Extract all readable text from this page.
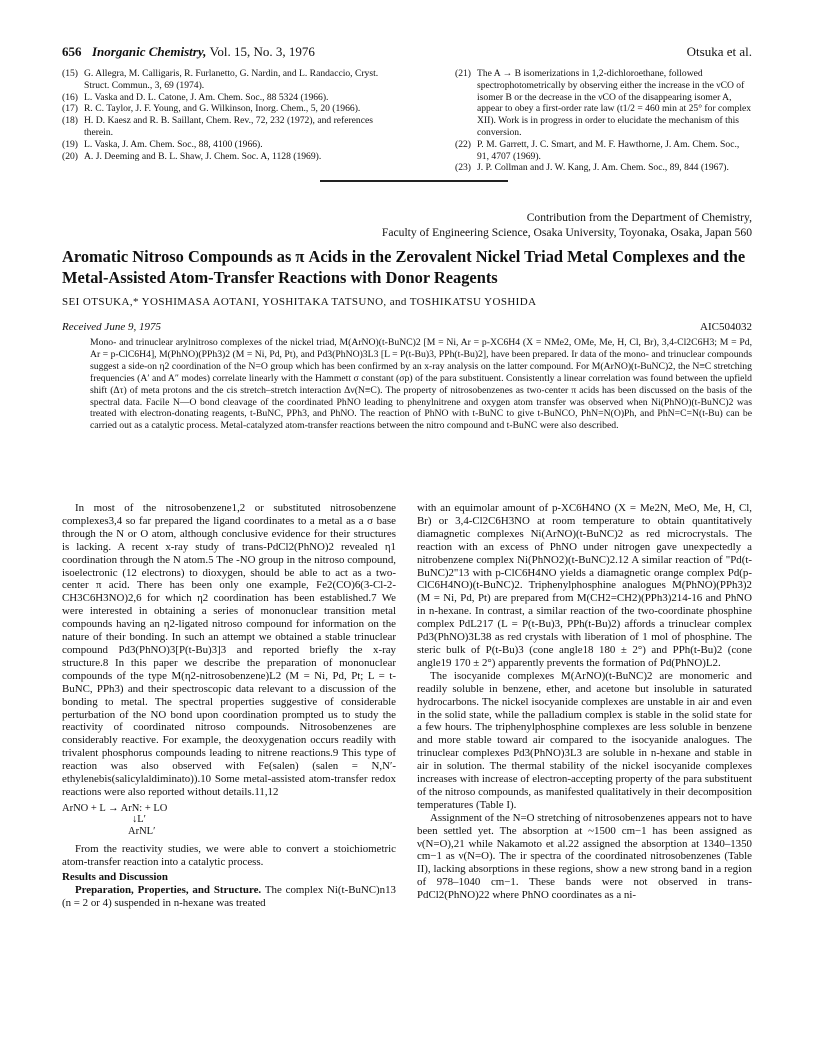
656 Inorganic Chemistry, Vol. 15, No. 3, 1976	Otsuka et al.
(15) G. Allegra, M. Calligaris, R. Furlanetto, G. Nardin, and L. Randaccio, Cryst. Struct. Commun., 3, 69 (1974).
(16) L. Vaska and D. L. Catone, J. Am. Chem. Soc., 88 5324 (1966).
(17) R. C. Taylor, J. F. Young, and G. Wilkinson, Inorg. Chem., 5, 20 (1966).
(18) H. D. Kaesz and R. B. Saillant, Chem. Rev., 72, 232 (1972), and references therein.
(19) L. Vaska, J. Am. Chem. Soc., 88, 4100 (1966).
(20) A. J. Deeming and B. L. Shaw, J. Chem. Soc. A, 1128 (1969).
(21) The A → B isomerizations in 1,2-dichloroethane, followed spectrophotometrically by observing either the increase in the νCO of isomer B or the decrease in the νCO of the disappearing isomer A, appear to obey a first-order rate law (t1/2 = 460 min at 25° for complex XII). Work is in progress in order to elucidate the mechanism of this conversion.
(22) P. M. Garrett, J. C. Smart, and M. F. Hawthorne, J. Am. Chem. Soc., 91, 4707 (1969).
(23) J. P. Collman and J. W. Kang, J. Am. Chem. Soc., 89, 844 (1967).
Contribution from the Department of Chemistry,
Faculty of Engineering Science, Osaka University, Toyonaka, Osaka, Japan 560
Aromatic Nitroso Compounds as π Acids in the Zerovalent Nickel Triad Metal Complexes and the Metal-Assisted Atom-Transfer Reactions with Donor Reagents
SEI OTSUKA,* YOSHIMASA AOTANI, YOSHITAKA TATSUNO, and TOSHIKATSU YOSHIDA
Received June 9, 1975	AIC504032
Mono- and trinuclear arylnitroso complexes of the nickel triad, M(ArNO)(t-BuNC)2 [M = Ni, Ar = p-XC6H4 (X = NMe2, OMe, Me, H, Cl, Br), 3,4-Cl2C6H3; M = Pd, Ar = p-ClC6H4], M(PhNO)(PPh3)2 (M = Ni, Pd, Pt), and Pd3(PhNO)3L3 [L = P(t-Bu)3, PPh(t-Bu)2], have been prepared. Ir data of the mono- and trinuclear compounds suggest a side-on η2 coordination of the N=O group which has been confirmed by an x-ray analysis on the latter compound. For M(ArNO)(t-BuNC)2, the N≡C stretching frequencies (A′ and A″ modes) correlate linearly with the Hammett σ constant (σp) of the para substituent. Consistently a linear correlation was found between the upfield shift (Δτ) of meta protons and the cis stretch–stretch interaction Δν(N≡C). The property of nitrosobenzenes as two-center π acids has been discussed on the basis of the spectral data. Facile N—O bond cleavage of the coordinated PhNO leading to phenylnitrene and oxygen atom transfer was observed when Ni(PhNO)(t-BuNC)2 was treated with electron-donating reagents, t-BuNC, PPh3, and PhNO. The reaction of PhNO with t-BuNC to give t-BuNCO, PhN=N(O)Ph, and PhN=C=N(t-Bu) can be carried out as a catalytic process. Metal-catalyzed atom-transfer reactions between the nitro compound and t-BuNC were also described.

In most of the nitrosobenzene1,2 or substituted nitrosobenzene complexes3,4 so far prepared the ligand coordinates to a metal as a σ base through the N or O atom, although conclusive evidence for their structures is lacking. A recent x-ray study of trans-PdCl2(PhNO)2 revealed η1 coordination through the N atom.5 The -NO group in the nitroso compound, isoelectronic (12 electrons) to dioxygen, should be able to act as a two-center π acid. There has been only one example, Fe2(CO)6(3-Cl-2-CH3C6H3NO)2,6 for which η2 coordination has been established.7 We were interested in obtaining a series of mononuclear transition metal compounds having an η2-ligated nitroso compound for information on the nature of their bonding. In such an attempt we obtained a stable trinuclear compound Pd3(PhNO)3[P(t-Bu)3]3 and reported briefly the x-ray structure.8 In this paper we describe the preparation of mononuclear compounds of the type M(η2-nitrosobenzene)L2 (M = Ni, Pd, Pt; L = t-BuNC, PPh3) and their spectroscopic data relevant to a discussion of the bonding to metal. The spectral properties suggestive of considerable perturbation of the NO bond upon coordination prompted us to study the reactivity of coordinated nitroso compounds. Nitrosobenzenes are considerably reactive. For example, the deoxygenation occurs readily with trivalent phosphorus compounds leading to nitrene reactions.9 This type of reaction was also observed with Fe(salen) (salen = N,N′-ethylenebis(salicylaldiminato)).10 Some metal-assisted atom-transfer redox reactions were also reported without details.11,12

ArNO + L → ArN: + LO
↓L′
ArNL′

From the reactivity studies, we were able to convert a stoichiometric atom-transfer reaction into a catalytic process.

Results and Discussion

Preparation, Properties, and Structure. The complex Ni(t-BuNC)n13 (n = 2 or 4) suspended in n-hexane was treated

with an equimolar amount of p-XC6H4NO (X = Me2N, MeO, Me, H, Cl, Br) or 3,4-Cl2C6H3NO at room temperature to obtain quantitatively diamagnetic complexes Ni(ArNO)(t-BuNC)2 as red microcrystals. The reaction with an excess of PhNO under nitrogen gave unexpectedly a nitrobenzene complex Ni(PhNO2)(t-BuNC)2.12 A similar reaction of "Pd(t-BuNC)2"13 with p-ClC6H4NO yields a diamagnetic orange complex Pd(p-ClC6H4NO)(t-BuNC)2. Triphenylphosphine analogues M(PhNO)(PPh3)2 (M = Ni, Pd, Pt) are prepared from M(CH2=CH2)(PPh3)214-16 and PhNO in n-hexane. In contrast, a similar reaction of the two-coordinate phosphine complex PdL217 (L = P(t-Bu)3, PPh(t-Bu)2) affords a trinuclear complex Pd3(PhNO)3L38 as red crystals with liberation of 1 mol of phosphine. The steric bulk of P(t-Bu)3 (cone angle18 180 ± 2°) and PPh(t-Bu)2 (cone angle19 170 ± 2°) apparently prevents the formation of Pd(PhNO)L2.

The isocyanide complexes M(ArNO)(t-BuNC)2 are monomeric and readily soluble in benzene, ether, and acetone but insoluble in saturated hydrocarbons. The nickel isocyanide complexes are unstable in air and even in the solid state, while the palladium complex is stable in the solid state for a few hours. The triphenylphosphine complexes are less soluble in benzene and more stable toward air compared to the isocyanide analogues. The trinuclear complexes Pd3(PhNO)3L3 are soluble in n-hexane and stable in air in solution. The thermal stability of the nickel isocyanide complexes increases with increase of electron-accepting property of the para substituent of the nitroso compounds, as manifested qualitatively in their decomposition temperatures (Table I).

Assignment of the N=O stretching of nitrosobenzenes appears not to have been settled yet. The absorption at ~1500 cm−1 has been assigned as ν(N=O),21 while Nakamoto et al.22 assigned the absorption at 1340–1350 cm−1 as ν(N=O). The ir spectra of the coordinated nitrosobenzenes (Table II), lacking absorptions in these regions, show a new strong band in a region of 978–1040 cm−1. These bands were not observed in trans-PdCl2(PhNO)22 where PhNO coordinates as a ni-
